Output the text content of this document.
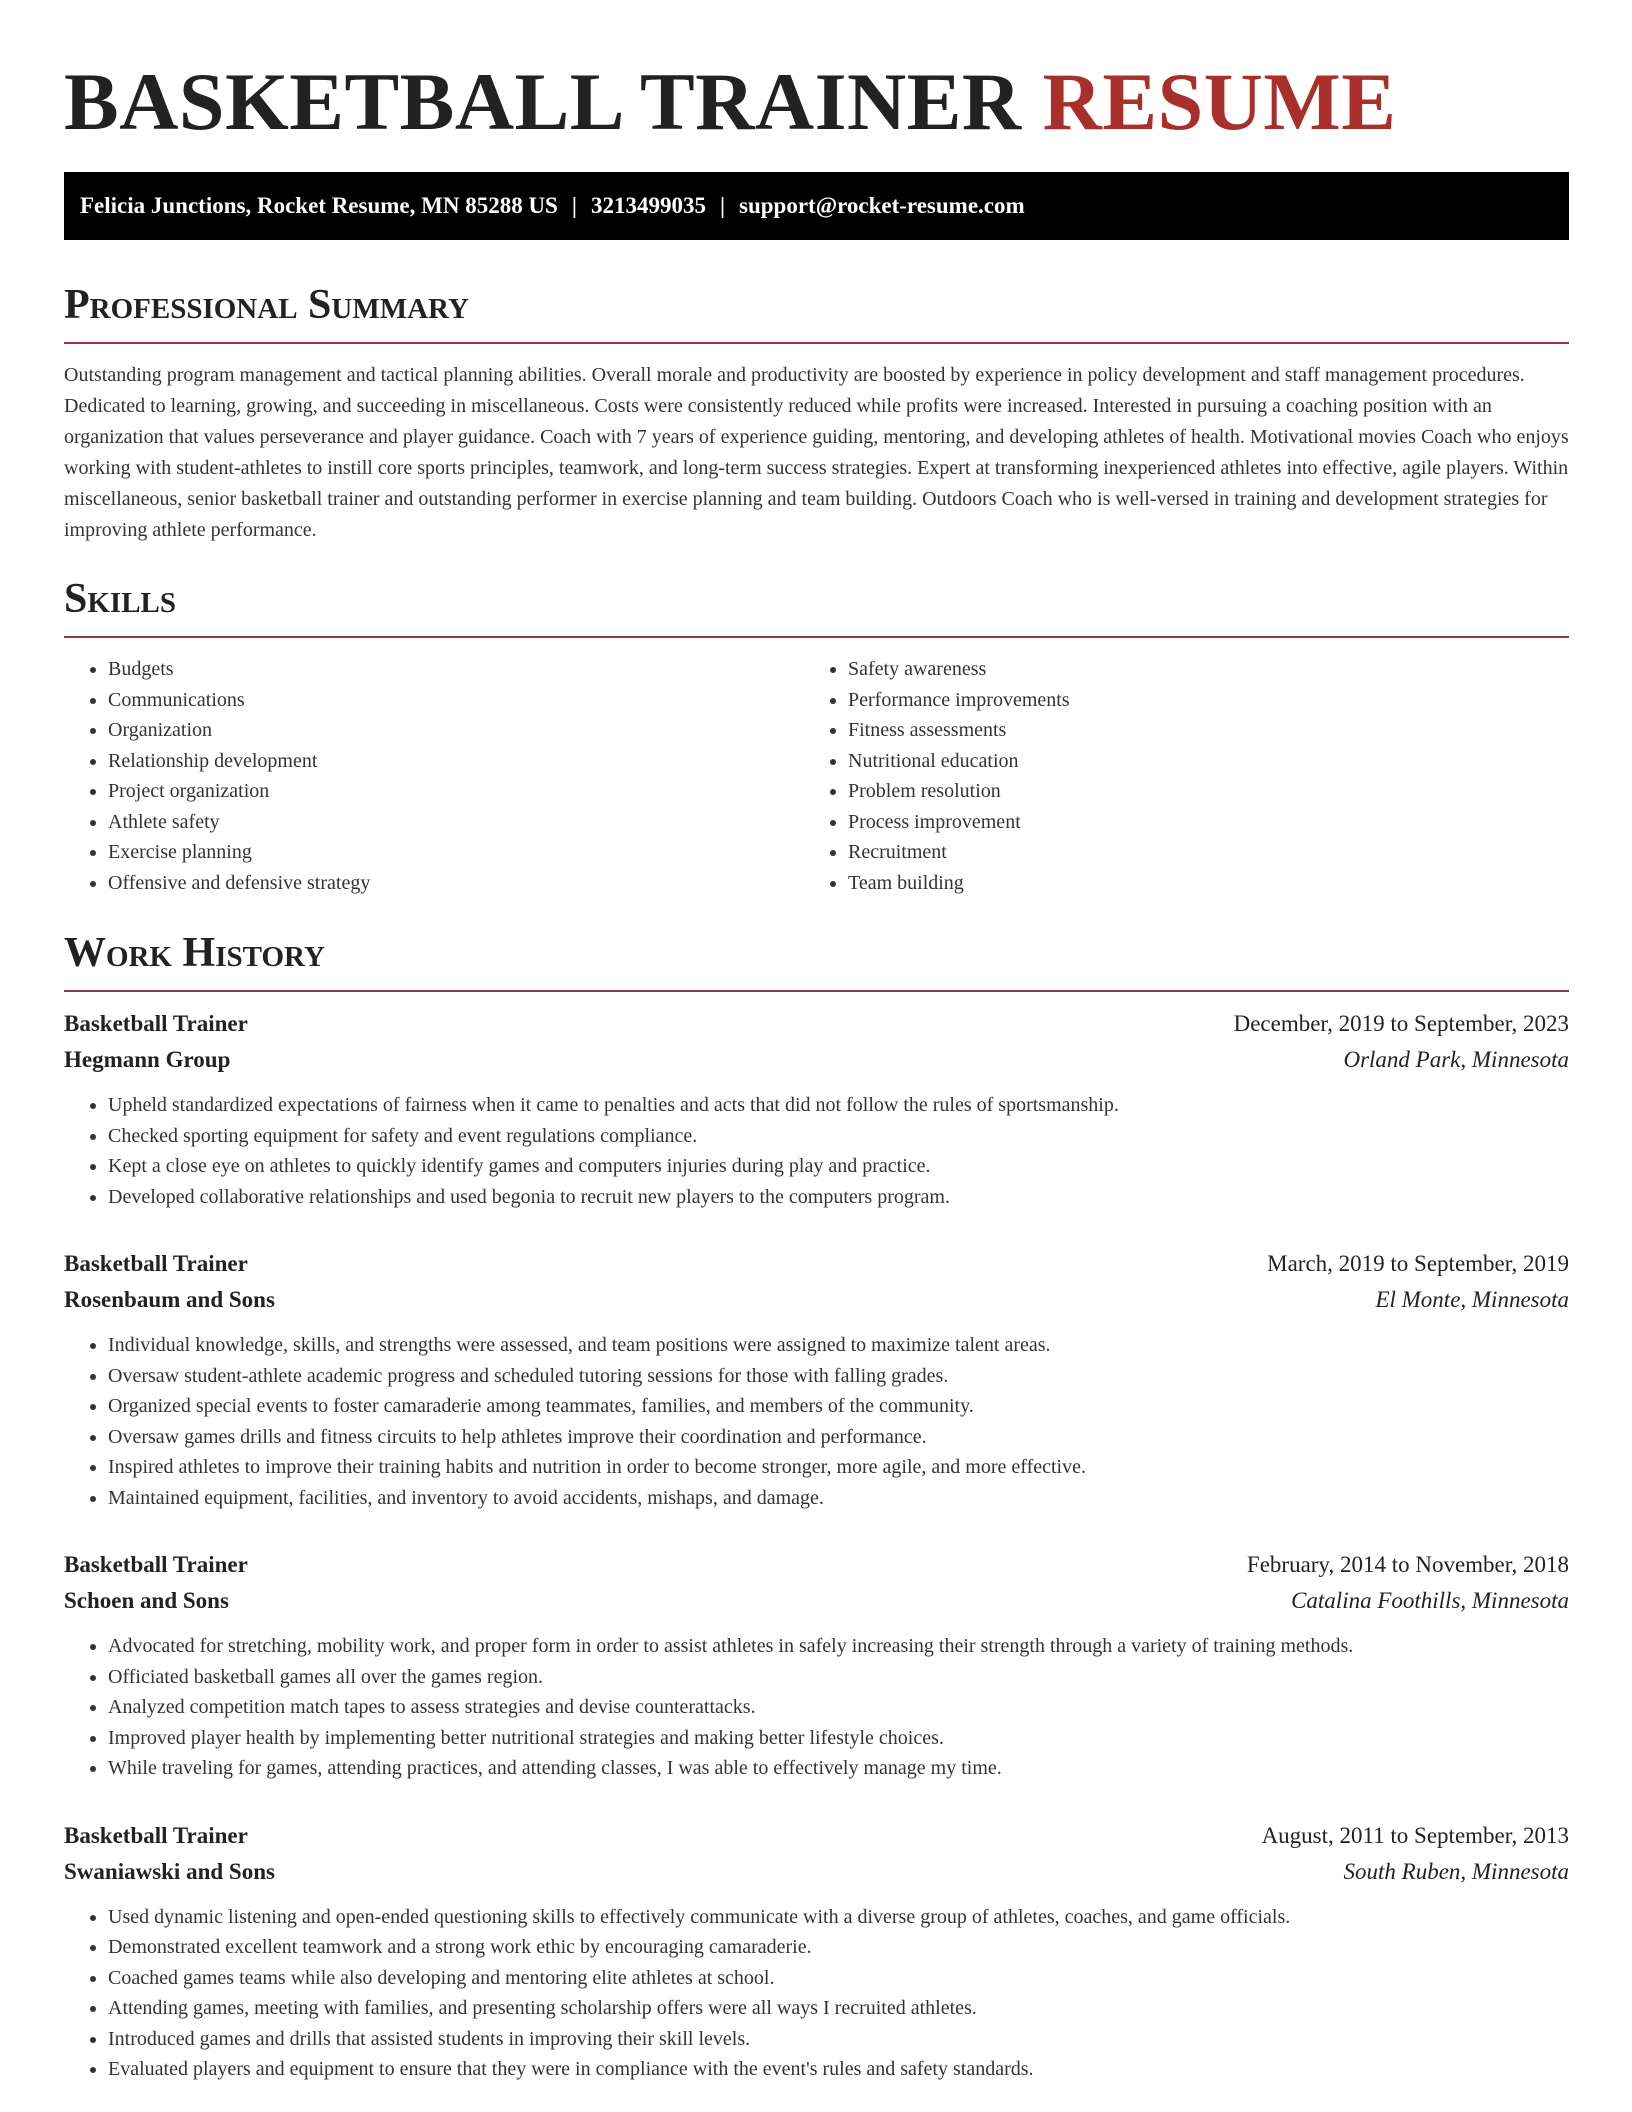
BASKETBALL TRAINER RESUME
Felicia Junctions, Rocket Resume, MN 85288 US | 3213499035 | support@rocket-resume.com
Professional Summary

Outstanding program management and tactical planning abilities. Overall morale and productivity are boosted by experience in policy development and staff management procedures. Dedicated to learning, growing, and succeeding in miscellaneous. Costs were consistently reduced while profits were increased. Interested in pursuing a coaching position with an organization that values perseverance and player guidance. Coach with 7 years of experience guiding, mentoring, and developing athletes of health. Motivational movies Coach who enjoys working with student-athletes to instill core sports principles, teamwork, and long-term success strategies. Expert at transforming inexperienced athletes into effective, agile players. Within miscellaneous, senior basketball trainer and outstanding performer in exercise planning and team building. Outdoors Coach who is well-versed in training and development strategies for improving athlete performance.

Skills
• Budgets
• Communications
• Organization
• Relationship development
• Project organization
• Athlete safety
• Exercise planning
• Offensive and defensive strategy
• Safety awareness
• Performance improvements
• Fitness assessments
• Nutritional education
• Problem resolution
• Process improvement
• Recruitment
• Team building
Work History
Basketball Trainer	December, 2019 to September, 2023
Hegmann Group	Orland Park, Minnesota
• Upheld standardized expectations of fairness when it came to penalties and acts that did not follow the rules of sportsmanship.
• Checked sporting equipment for safety and event regulations compliance.
• Kept a close eye on athletes to quickly identify games and computers injuries during play and practice.
• Developed collaborative relationships and used begonia to recruit new players to the computers program.
Basketball Trainer	March, 2019 to September, 2019
Rosenbaum and Sons	El Monte, Minnesota
• Individual knowledge, skills, and strengths were assessed, and team positions were assigned to maximize talent areas.
• Oversaw student-athlete academic progress and scheduled tutoring sessions for those with falling grades.
• Organized special events to foster camaraderie among teammates, families, and members of the community.
• Oversaw games drills and fitness circuits to help athletes improve their coordination and performance.
• Inspired athletes to improve their training habits and nutrition in order to become stronger, more agile, and more effective.
• Maintained equipment, facilities, and inventory to avoid accidents, mishaps, and damage.
Basketball Trainer	February, 2014 to November, 2018
Schoen and Sons	Catalina Foothills, Minnesota
• Advocated for stretching, mobility work, and proper form in order to assist athletes in safely increasing their strength through a variety of training methods.
• Officiated basketball games all over the games region.
• Analyzed competition match tapes to assess strategies and devise counterattacks.
• Improved player health by implementing better nutritional strategies and making better lifestyle choices.
• While traveling for games, attending practices, and attending classes, I was able to effectively manage my time.
Basketball Trainer	August, 2011 to September, 2013
Swaniawski and Sons	South Ruben, Minnesota
• Used dynamic listening and open-ended questioning skills to effectively communicate with a diverse group of athletes, coaches, and game officials.
• Demonstrated excellent teamwork and a strong work ethic by encouraging camaraderie.
• Coached games teams while also developing and mentoring elite athletes at school.
• Attending games, meeting with families, and presenting scholarship offers were all ways I recruited athletes.
• Introduced games and drills that assisted students in improving their skill levels.
• Evaluated players and equipment to ensure that they were in compliance with the event's rules and safety standards.
